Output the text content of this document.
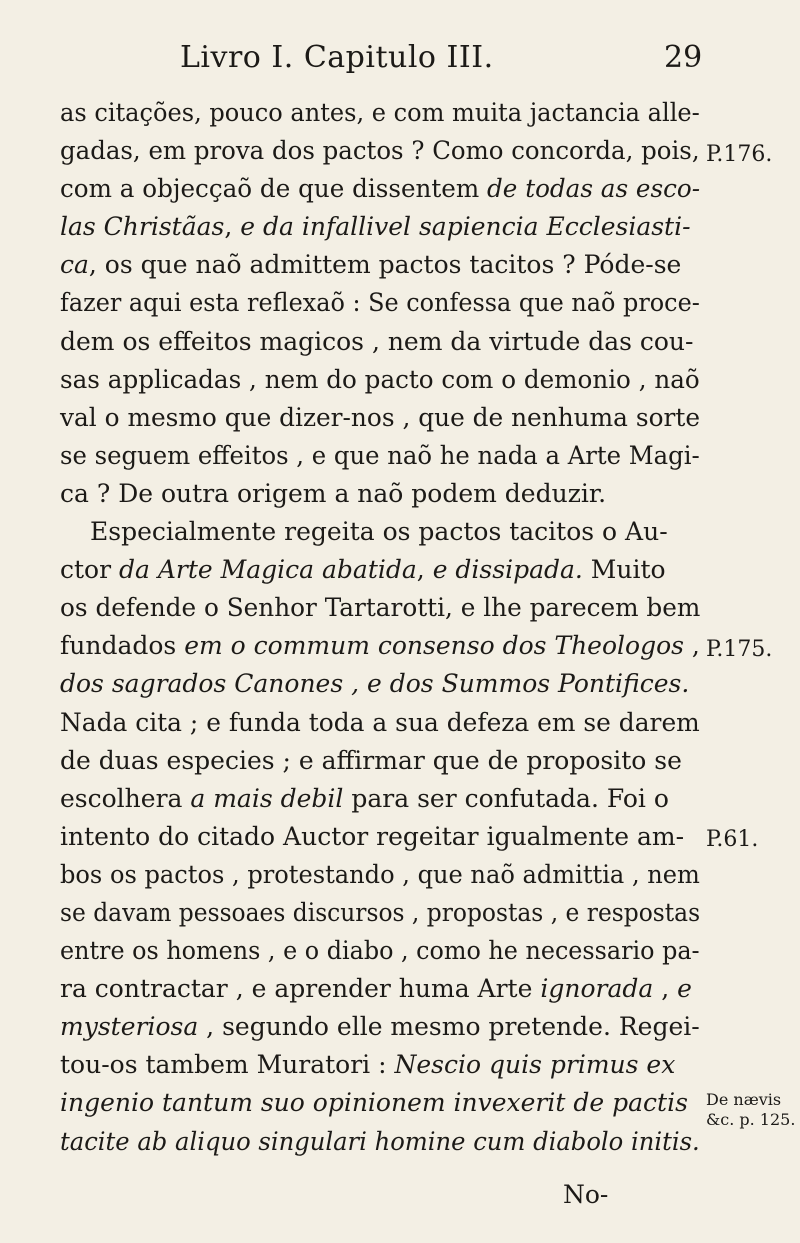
Livro I. Capitulo III.	29
as citações, pouco antes, e com muita jactancia alle-
gadas, em prova dos pactos ? Como concorda, pois,
com a objecçaõ de que dissentem de todas as esco-
las Christãas, e da infallivel sapiencia Ecclesiasti-
ca, os que naõ admittem pactos tacitos ? Póde-se
fazer aqui esta reflexaõ : Se confessa que naõ proce-
dem os effeitos magicos , nem da virtude das cou-
sas applicadas , nem do pacto com o demonio , naõ
val o mesmo que dizer-nos , que de nenhuma sorte
se seguem effeitos , e que naõ he nada a Arte Magi-
ca ? De outra origem a naõ podem deduzir.
Especialmente regeita os pactos tacitos o Au-
ctor da Arte Magica abatida, e dissipada. Muito
os defende o Senhor Tartarotti, e lhe parecem bem
fundados em o commum consenso dos Theologos ,
dos sagrados Canones , e dos Summos Pontifices.
Nada cita ; e funda toda a sua defeza em se darem
de duas especies ; e affirmar que de proposito se
escolhera a mais debil para ser confutada. Foi o
intento do citado Auctor regeitar igualmente am-
bos os pactos , protestando , que naõ admittia , nem
se davam pessoaes discursos , propostas , e respostas
entre os homens , e o diabo , como he necessario pa-
ra contractar , e aprender huma Arte ignorada , e
mysteriosa , segundo elle mesmo pretende. Regei-
tou-os tambem Muratori : Nescio quis primus ex
ingenio tantum suo opinionem invexerit de pactis
tacite ab aliquo singulari homine cum diabolo initis.
P.176.
P.175.
P.61.
De nævis &c. p. 125.
No-
